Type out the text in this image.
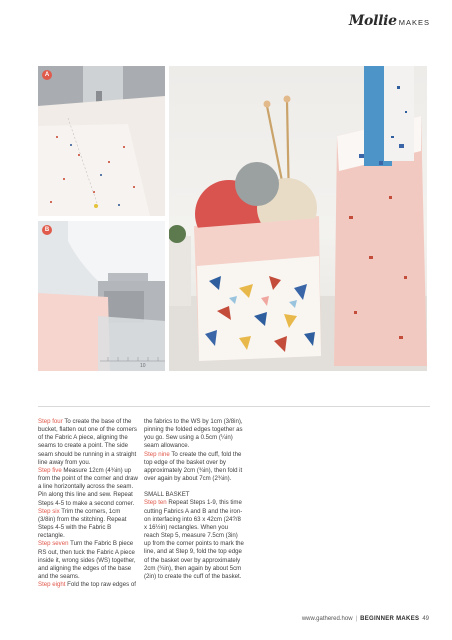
Mollie MAKES
A
10
B

Step four To create the base of the bucket, flatten out one of the corners of the Fabric A piece, aligning the seams to create a point. The side seam should be running in a straight line away from you.

Step five Measure 12cm (4¾in) up from the point of the corner and draw a line horizontally across the seam. Pin along this line and sew. Repeat Steps 4-5 to make a second corner.

Step six Trim the corners, 1cm (3/8in) from the stitching. Repeat Steps 4-5 with the Fabric B rectangle.

Step seven Turn the Fabric B piece RS out, then tuck the Fabric A piece inside it, wrong sides (WS) together, and aligning the edges of the base and the seams.

Step eight Fold the top raw edges of

the fabrics to the WS by 1cm (3/8in), pinning the folded edges together as you go. Sew using a 0.5cm (¼in) seam allowance.

Step nine To create the cuff, fold the top edge of the basket over by approximately 2cm (¾in), then fold it over again by about 7cm (2¾in).

SMALL BASKET

Step ten Repeat Steps 1-9, this time cutting Fabrics A and B and the iron-on interfacing into 63 x 42cm (24?/8 x 16½in) rectangles. When you reach Step 5, measure 7.5cm (3in) up from the corner points to mark the line, and at Step 9, fold the top edge of the basket over by approximately 2cm (¾in), then again by about 5cm (2in) to create the cuff of the basket.

www.gathered.how | BEGINNER MAKES 49
